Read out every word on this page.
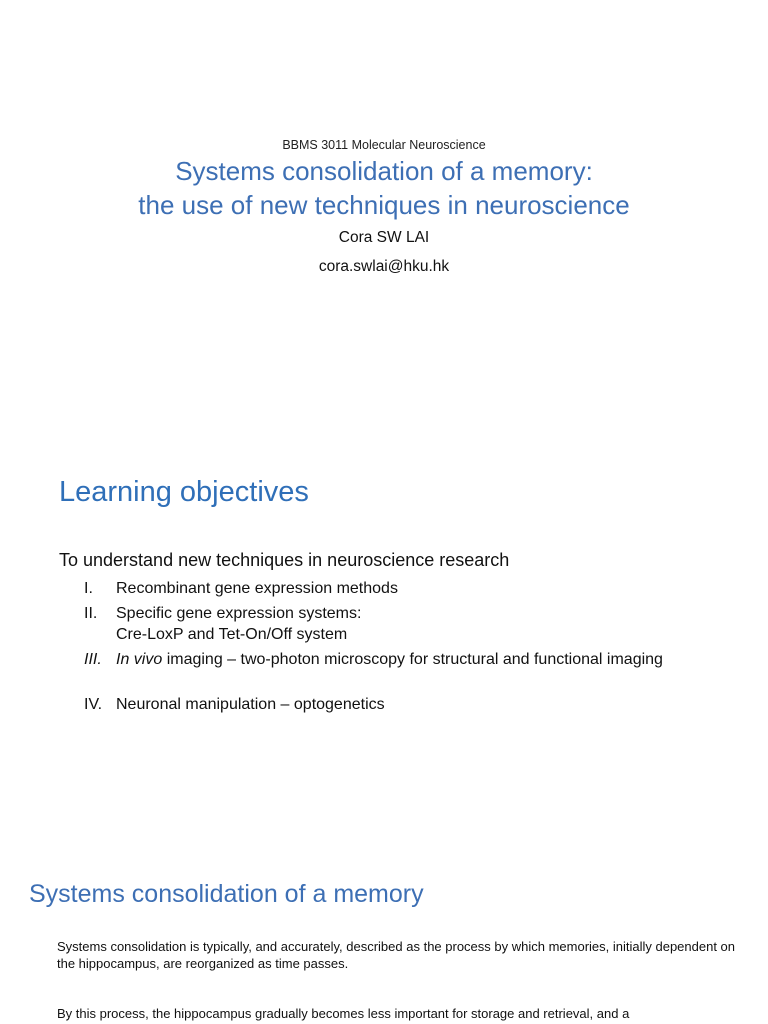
BBMS 3011 Molecular Neuroscience
Systems consolidation of a memory:
the use of new techniques in neuroscience
Cora SW LAI
cora.swlai@hku.hk
Learning objectives
To understand new techniques in neuroscience research
I. Recombinant gene expression methods
II. Specific gene expression systems:
Cre-LoxP and Tet-On/Off system
III. In vivo imaging – two-photon microscopy for structural and functional imaging
IV. Neuronal manipulation – optogenetics
Systems consolidation of a memory
Systems consolidation is typically, and accurately, described as the process by which memories, initially dependent on the hippocampus, are reorganized as time passes.
By this process, the hippocampus gradually becomes less important for storage and retrieval, and a
